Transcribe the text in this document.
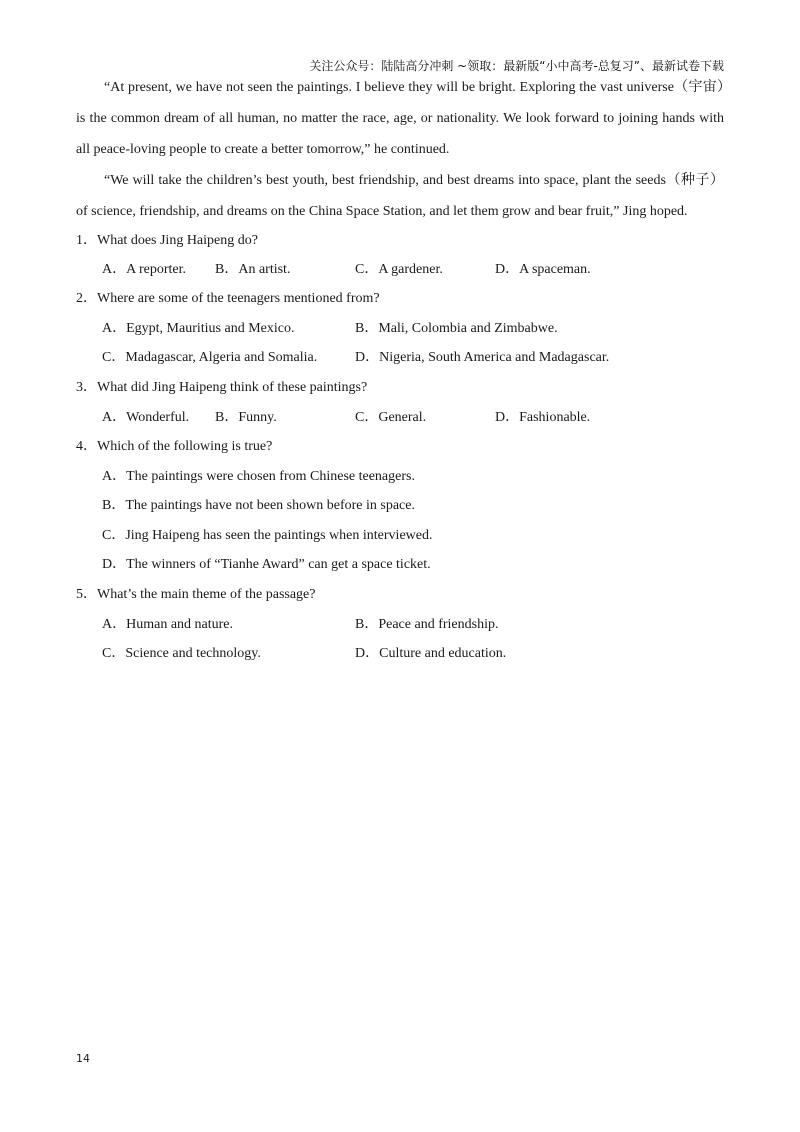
关注公众号：陆陆高分冲刺 ~领取：最新版“小中高考-总复习”、最新试卷下载

“At present, we have not seen the paintings. I believe they will be bright. Exploring the vast universe（宇宙）is the common dream of all human, no matter the race, age, or nationality. We look forward to joining hands with all peace-loving people to create a better tomorrow,” he continued.

“We will take the children’s best youth, best friendship, and best dreams into space, plant the seeds（种子）of science, friendship, and dreams on the China Space Station, and let them grow and bear fruit,” Jing hoped.

1．What does Jing Haipeng do?
A．A reporter. B．An artist.	C．A gardener.	D．A spaceman.
2．Where are some of the teenagers mentioned from?
A．Egypt, Mauritius and Mexico.	B．Mali, Colombia and Zimbabwe.
C．Madagascar, Algeria and Somalia.	D．Nigeria, South America and Madagascar.
3．What did Jing Haipeng think of these paintings?
A．Wonderful. B．Funny.	C．General.	D．Fashionable.
4．Which of the following is true?
A．The paintings were chosen from Chinese teenagers.
B．The paintings have not been shown before in space.
C．Jing Haipeng has seen the paintings when interviewed.
D．The winners of “Tianhe Award” can get a space ticket.
5．What’s the main theme of the passage?
A．Human and nature.	B．Peace and friendship.
C．Science and technology.	D．Culture and education.
14
